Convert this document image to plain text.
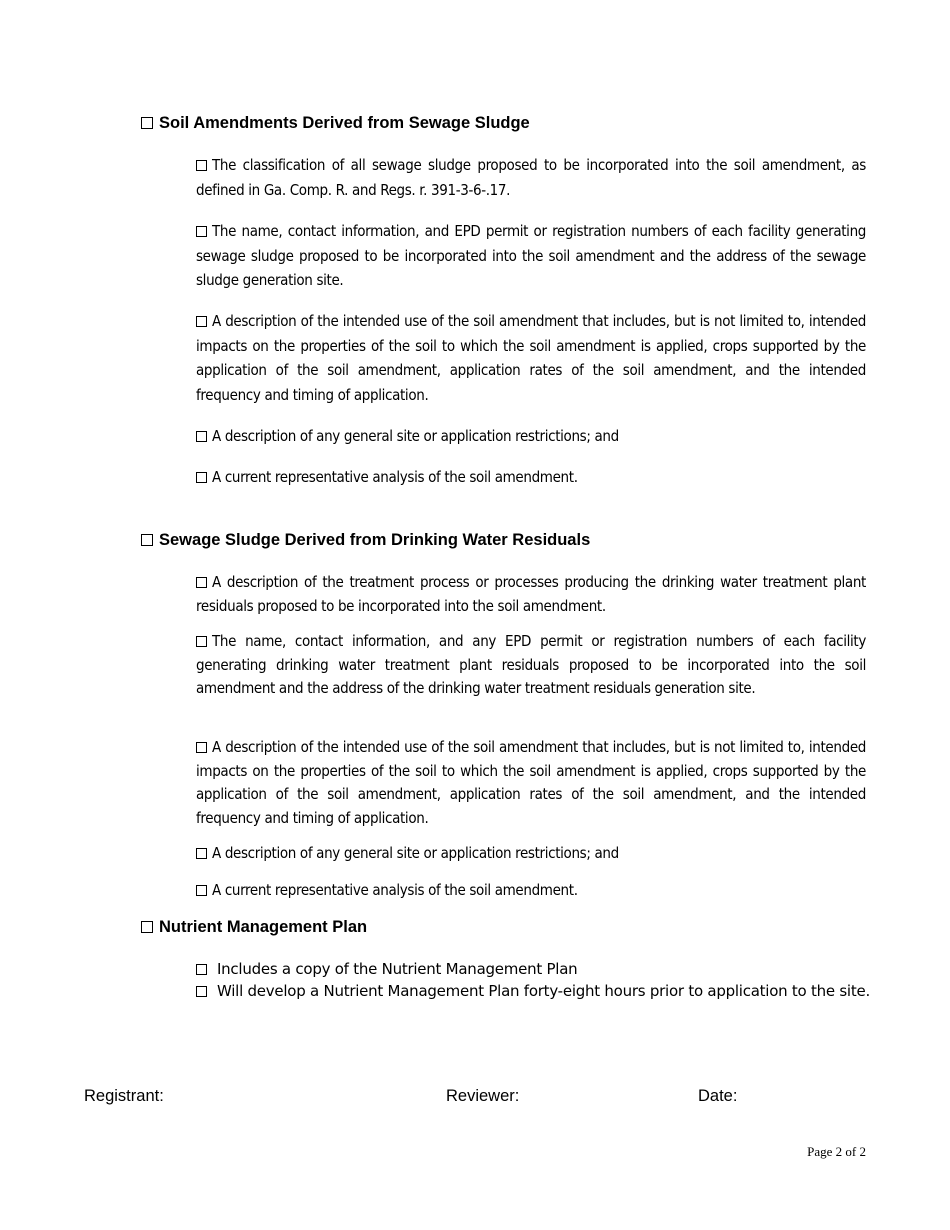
Soil Amendments Derived from Sewage Sludge
The classification of all sewage sludge proposed to be incorporated into the soil amendment, as defined in Ga. Comp. R. and Regs. r. 391-3-6-.17.
The name, contact information, and EPD permit or registration numbers of each facility generating sewage sludge proposed to be incorporated into the soil amendment and the address of the sewage sludge generation site.
A description of the intended use of the soil amendment that includes, but is not limited to, intended impacts on the properties of the soil to which the soil amendment is applied, crops supported by the application of the soil amendment, application rates of the soil amendment, and the intended frequency and timing of application.
A description of any general site or application restrictions; and
A current representative analysis of the soil amendment.
Sewage Sludge Derived from Drinking Water Residuals
A description of the treatment process or processes producing the drinking water treatment plant residuals proposed to be incorporated into the soil amendment.
The name, contact information, and any EPD permit or registration numbers of each facility generating drinking water treatment plant residuals proposed to be incorporated into the soil amendment and the address of the drinking water treatment residuals generation site.
A description of the intended use of the soil amendment that includes, but is not limited to, intended impacts on the properties of the soil to which the soil amendment is applied, crops supported by the application of the soil amendment, application rates of the soil amendment, and the intended frequency and timing of application.
A description of any general site or application restrictions; and
A current representative analysis of the soil amendment.
Nutrient Management Plan
Includes a copy of the Nutrient Management Plan
Will develop a Nutrient Management Plan forty-eight hours prior to application to the site.
Registrant:	Reviewer:	Date:
Page 2 of 2
